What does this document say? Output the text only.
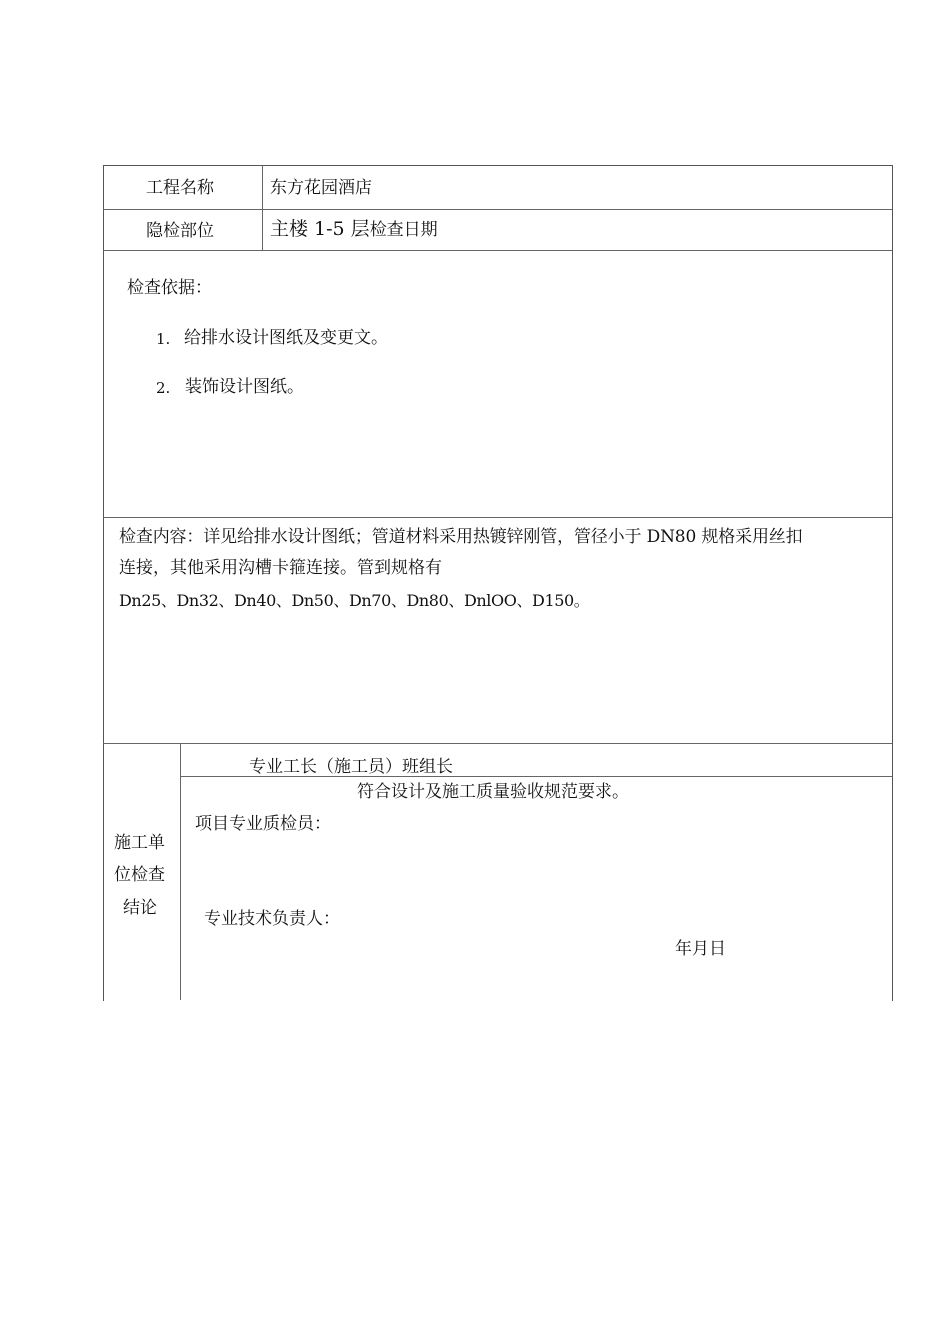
工程名称	东方花园酒店
隐检部位	主楼 1-5 层检查日期
检查依据：
1. 给排水设计图纸及变更文。
2. 装饰设计图纸。
检查内容：详见给排水设计图纸；管道材料采用热镀锌刚管，管径小于 DN80 规格采用丝扣
连接，其他采用沟槽卡箍连接。管到规格有
Dn25、Dn32、Dn40、Dn50、Dn70、Dn80、DnlOO、D150。
施工单
位检查
结论
专业工长（施工员）班组长
符合设计及施工质量验收规范要求。
项目专业质检员：
专业技术负责人：
年月日
